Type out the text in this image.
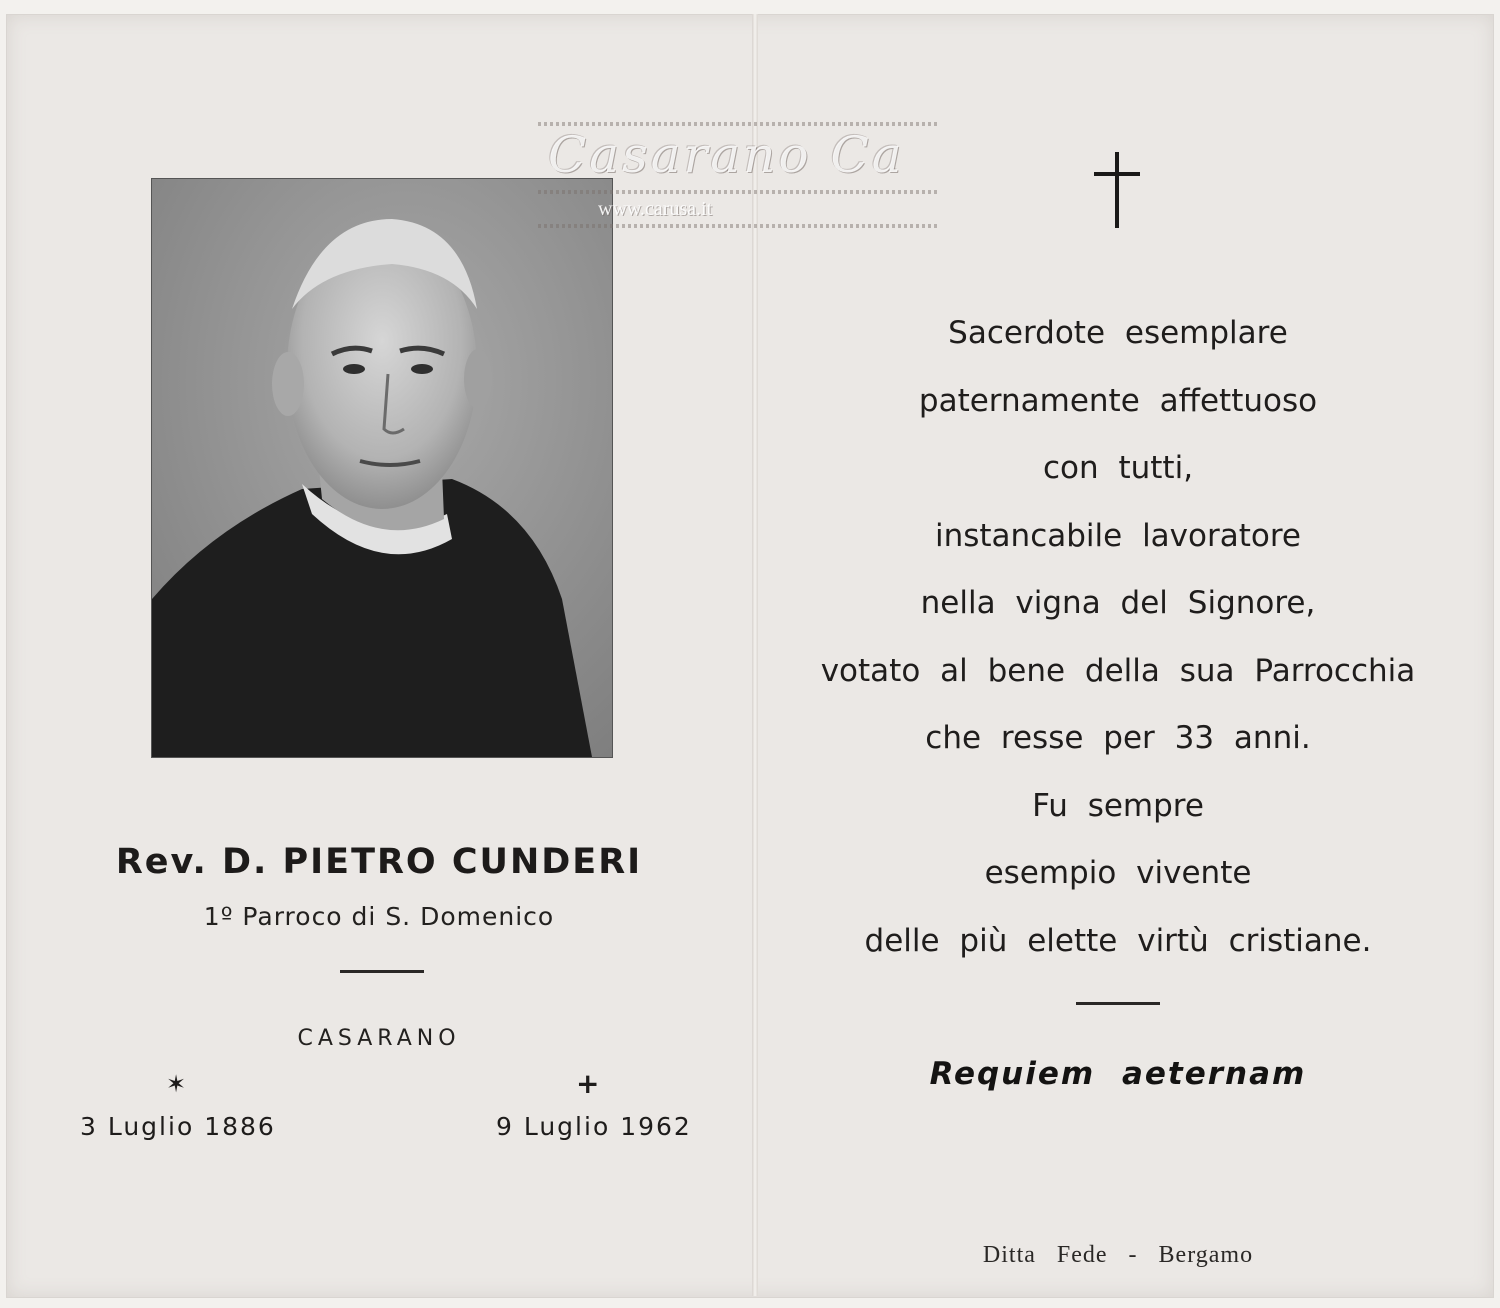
Rev. D. PIETRO CUNDERI
1º Parroco di S. Domenico
CASARANO
✶	+
3 Luglio 1886	9 Luglio 1962
Sacerdote esemplare
paternamente affettuoso
con tutti,
instancabile lavoratore
nella vigna del Signore,
votato al bene della sua Parrocchia
che resse per 33 anni.
Fu sempre
esempio vivente
delle più elette virtù cristiane.
Requiem aeternam
Ditta Fede - Bergamo
Casarano Ca
www.carusa.it
